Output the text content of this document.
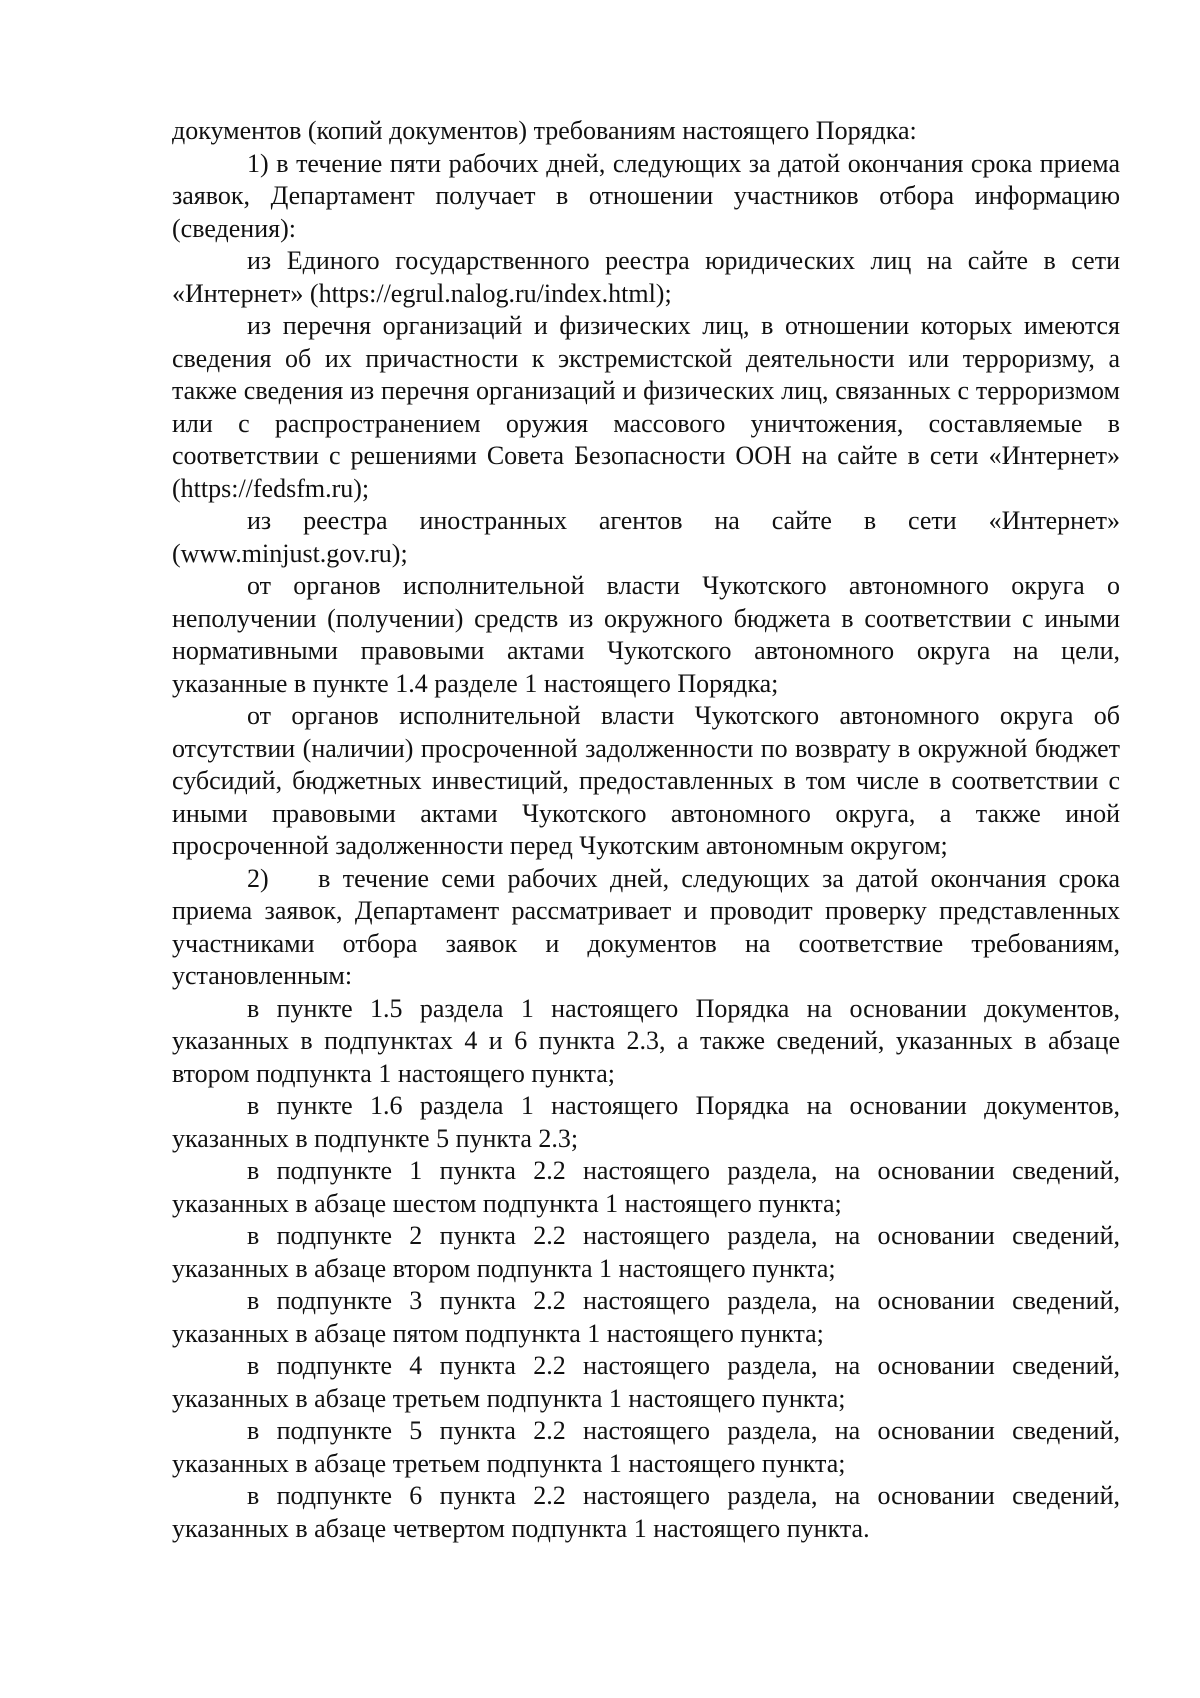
документов (копий документов) требованиям настоящего Порядка:

1) в течение пяти рабочих дней, следующих за датой окончания срока приема заявок, Департамент получает в отношении участников отбора информацию (сведения):

из Единого государственного реестра юридических лиц на сайте в сети «Интернет» (https://egrul.nalog.ru/index.html);

из перечня организаций и физических лиц, в отношении которых имеются сведения об их причастности к экстремистской деятельности или терроризму, а также сведения из перечня организаций и физических лиц, связанных с терроризмом или с распространением оружия массового уничтожения, составляемые в соответствии с решениями Совета Безопасности ООН на сайте в сети «Интернет» (https://fedsfm.ru);

из реестра иностранных агентов на сайте в сети «Интернет» (www.minjust.gov.ru);

от органов исполнительной власти Чукотского автономного округа о неполучении (получении) средств из окружного бюджета в соответствии с иными нормативными правовыми актами Чукотского автономного округа на цели, указанные в пункте 1.4 разделе 1 настоящего Порядка;

от органов исполнительной власти Чукотского автономного округа об отсутствии (наличии) просроченной задолженности по возврату в окружной бюджет субсидий, бюджетных инвестиций, предоставленных в том числе в соответствии с иными правовыми актами Чукотского автономного округа, а также иной просроченной задолженности перед Чукотским автономным округом;

2)    в течение семи рабочих дней, следующих за датой окончания срока приема заявок, Департамент рассматривает и проводит проверку представленных участниками отбора заявок и документов на соответствие требованиям, установленным:

в пункте 1.5 раздела 1 настоящего Порядка на основании документов, указанных в подпунктах 4 и 6 пункта 2.3, а также сведений, указанных в абзаце втором подпункта 1 настоящего пункта;

в пункте 1.6 раздела 1 настоящего Порядка на основании документов, указанных в подпункте 5 пункта 2.3;

в подпункте 1 пункта 2.2 настоящего раздела, на основании сведений, указанных в абзаце шестом подпункта 1 настоящего пункта;

в подпункте 2 пункта 2.2 настоящего раздела, на основании сведений, указанных в абзаце втором подпункта 1 настоящего пункта;

в подпункте 3 пункта 2.2 настоящего раздела, на основании сведений, указанных в абзаце пятом подпункта 1 настоящего пункта;

в подпункте 4 пункта 2.2 настоящего раздела, на основании сведений, указанных в абзаце третьем подпункта 1 настоящего пункта;

в подпункте 5 пункта 2.2 настоящего раздела, на основании сведений, указанных в абзаце третьем подпункта 1 настоящего пункта;

в подпункте 6 пункта 2.2 настоящего раздела, на основании сведений, указанных в абзаце четвертом подпункта 1 настоящего пункта.
